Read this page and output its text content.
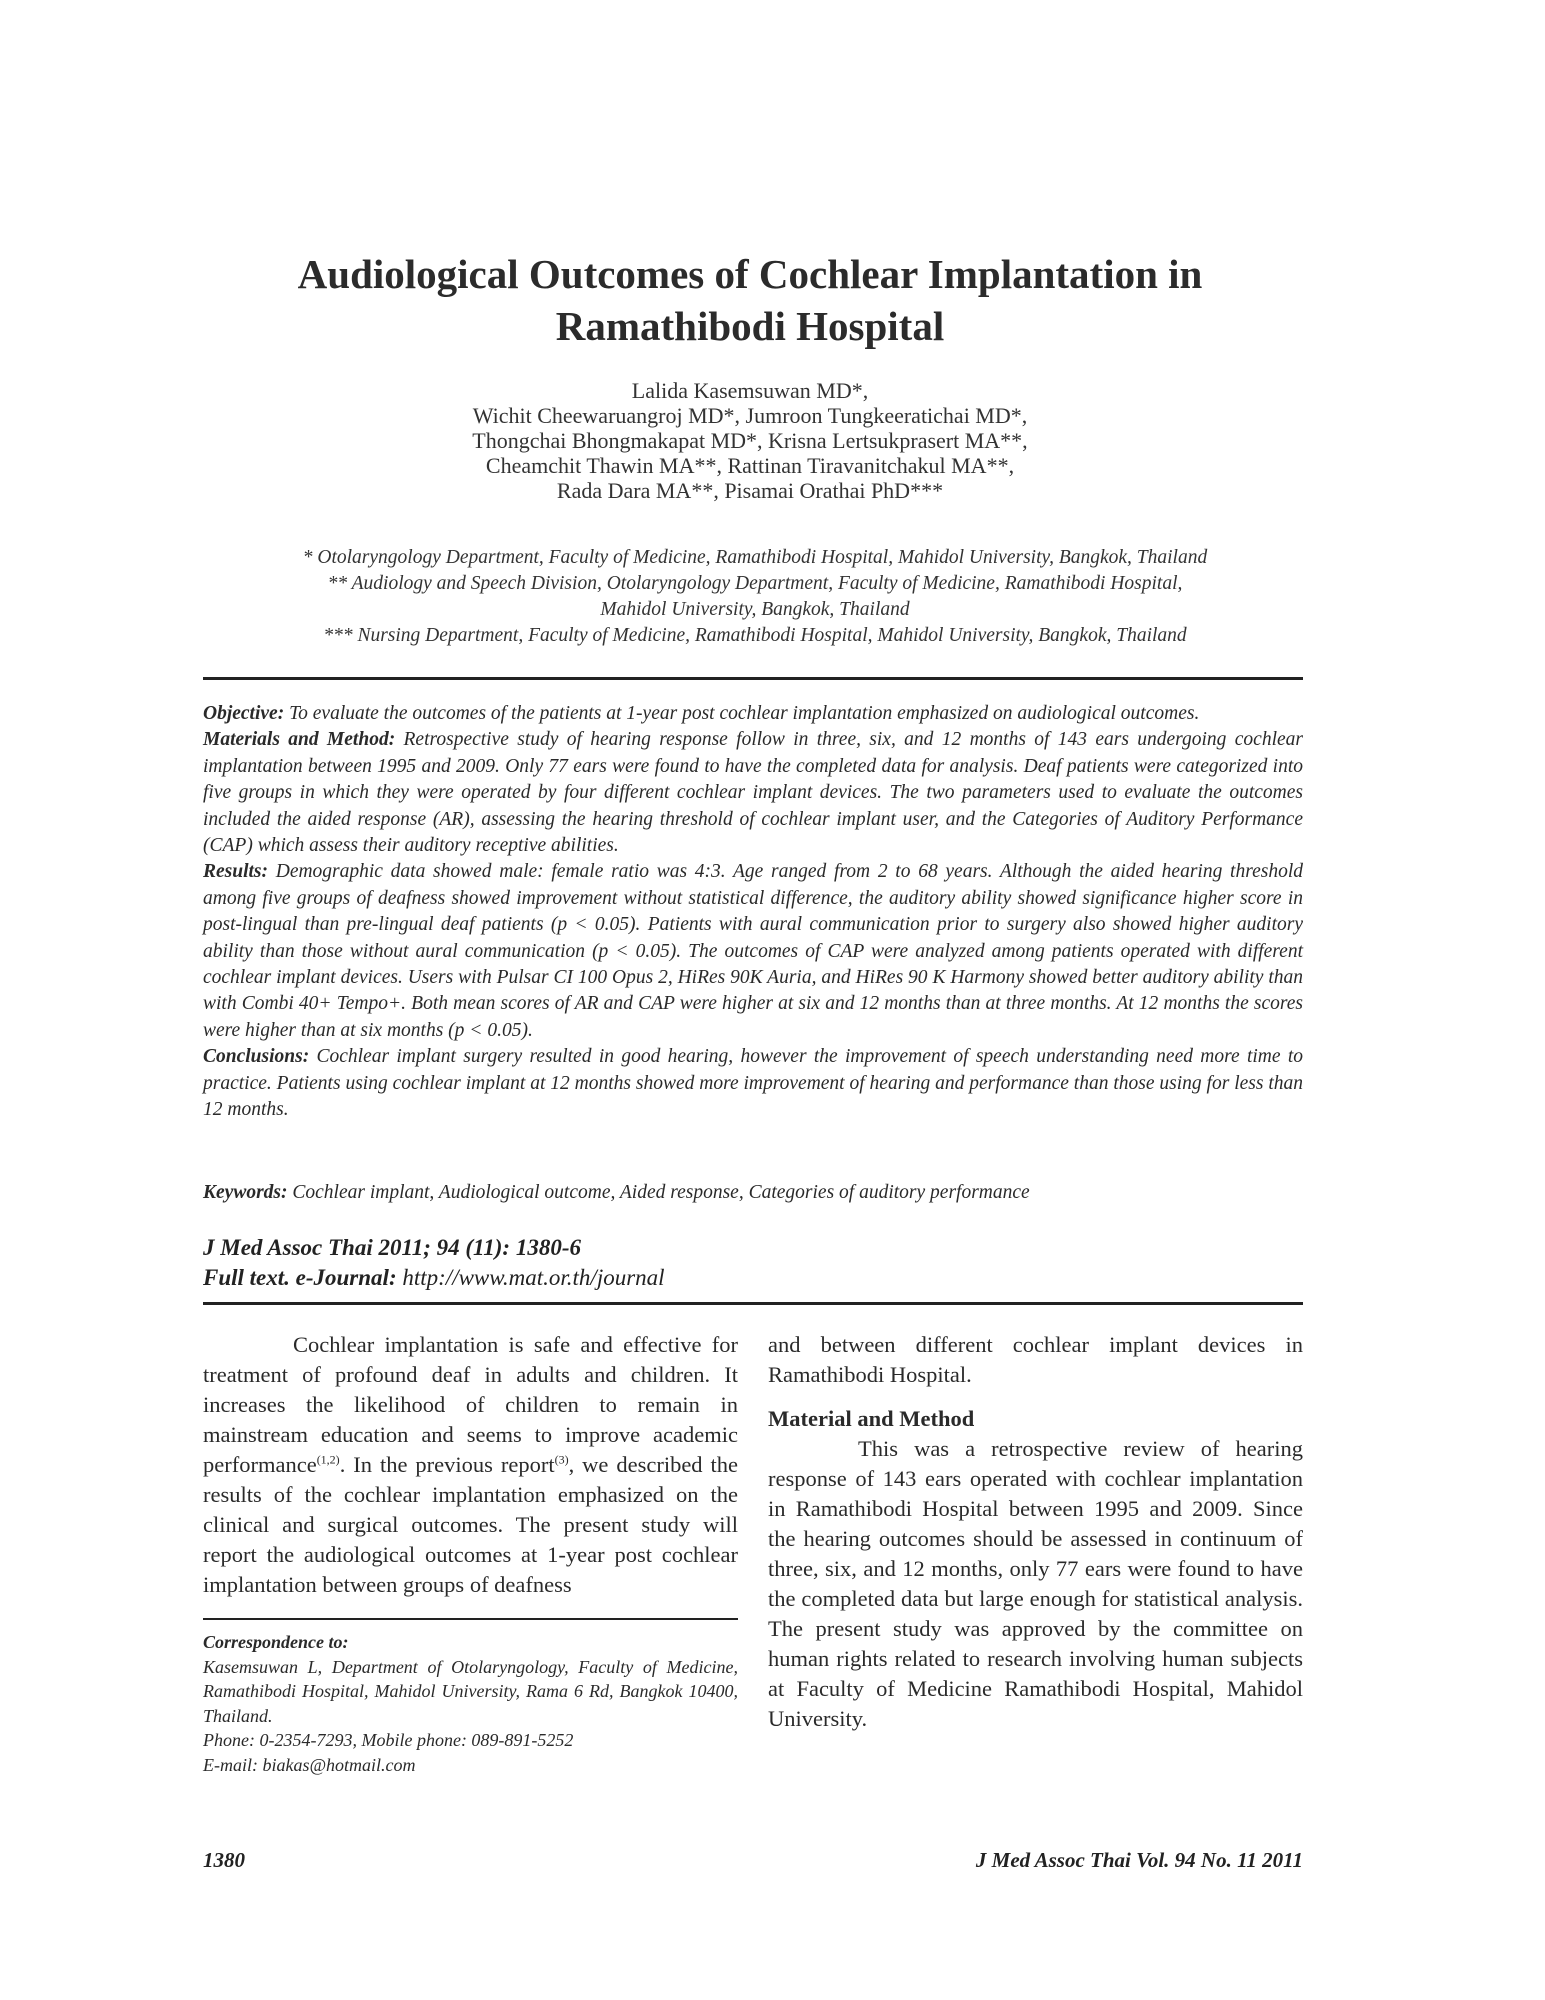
Audiological Outcomes of Cochlear Implantation in
Ramathibodi Hospital
Lalida Kasemsuwan MD*,
Wichit Cheewaruangroj MD*, Jumroon Tungkeeratichai MD*,
Thongchai Bhongmakapat MD*, Krisna Lertsukprasert MA**,
Cheamchit Thawin MA**, Rattinan Tiravanitchakul MA**,
Rada Dara MA**, Pisamai Orathai PhD***
* Otolaryngology Department, Faculty of Medicine, Ramathibodi Hospital, Mahidol University, Bangkok, Thailand
** Audiology and Speech Division, Otolaryngology Department, Faculty of Medicine, Ramathibodi Hospital,
Mahidol University, Bangkok, Thailand
*** Nursing Department, Faculty of Medicine, Ramathibodi Hospital, Mahidol University, Bangkok, Thailand

Objective: To evaluate the outcomes of the patients at 1-year post cochlear implantation emphasized on audiological outcomes.

Materials and Method: Retrospective study of hearing response follow in three, six, and 12 months of 143 ears undergoing cochlear implantation between 1995 and 2009. Only 77 ears were found to have the completed data for analysis. Deaf patients were categorized into five groups in which they were operated by four different cochlear implant devices. The two parameters used to evaluate the outcomes included the aided response (AR), assessing the hearing threshold of cochlear implant user, and the Categories of Auditory Performance (CAP) which assess their auditory receptive abilities.

Results: Demographic data showed male: female ratio was 4:3. Age ranged from 2 to 68 years. Although the aided hearing threshold among five groups of deafness showed improvement without statistical difference, the auditory ability showed significance higher score in post-lingual than pre-lingual deaf patients (p < 0.05). Patients with aural communication prior to surgery also showed higher auditory ability than those without aural communication (p < 0.05). The outcomes of CAP were analyzed among patients operated with different cochlear implant devices. Users with Pulsar CI 100 Opus 2, HiRes 90K Auria, and HiRes 90 K Harmony showed better auditory ability than with Combi 40+ Tempo+. Both mean scores of AR and CAP were higher at six and 12 months than at three months. At 12 months the scores were higher than at six months (p < 0.05).

Conclusions: Cochlear implant surgery resulted in good hearing, however the improvement of speech understanding need more time to practice. Patients using cochlear implant at 12 months showed more improvement of hearing and performance than those using for less than 12 months.

Keywords: Cochlear implant, Audiological outcome, Aided response, Categories of auditory performance
J Med Assoc Thai 2011; 94 (11): 1380-6
Full text. e-Journal: http://www.mat.or.th/journal

Cochlear implantation is safe and effective for treatment of profound deaf in adults and children. It increases the likelihood of children to remain in mainstream education and seems to improve academic performance$^{(1,2)}$. In the previous report$^{(3)}$, we described the results of the cochlear implantation emphasized on the clinical and surgical outcomes. The present study will report the audiological outcomes at 1-year post cochlear implantation between groups of deafness

Correspondence to:

Kasemsuwan L, Department of Otolaryngology, Faculty of Medicine, Ramathibodi Hospital, Mahidol University, Rama 6 Rd, Bangkok 10400, Thailand.

Phone: 0-2354-7293, Mobile phone: 089-891-5252

E-mail: biakas@hotmail.com

and between different cochlear implant devices in Ramathibodi Hospital.

Material and Method

This was a retrospective review of hearing response of 143 ears operated with cochlear implantation in Ramathibodi Hospital between 1995 and 2009. Since the hearing outcomes should be assessed in continuum of three, six, and 12 months, only 77 ears were found to have the completed data but large enough for statistical analysis. The present study was approved by the committee on human rights related to research involving human subjects at Faculty of Medicine Ramathibodi Hospital, Mahidol University.

1380	J Med Assoc Thai Vol. 94 No. 11 2011
